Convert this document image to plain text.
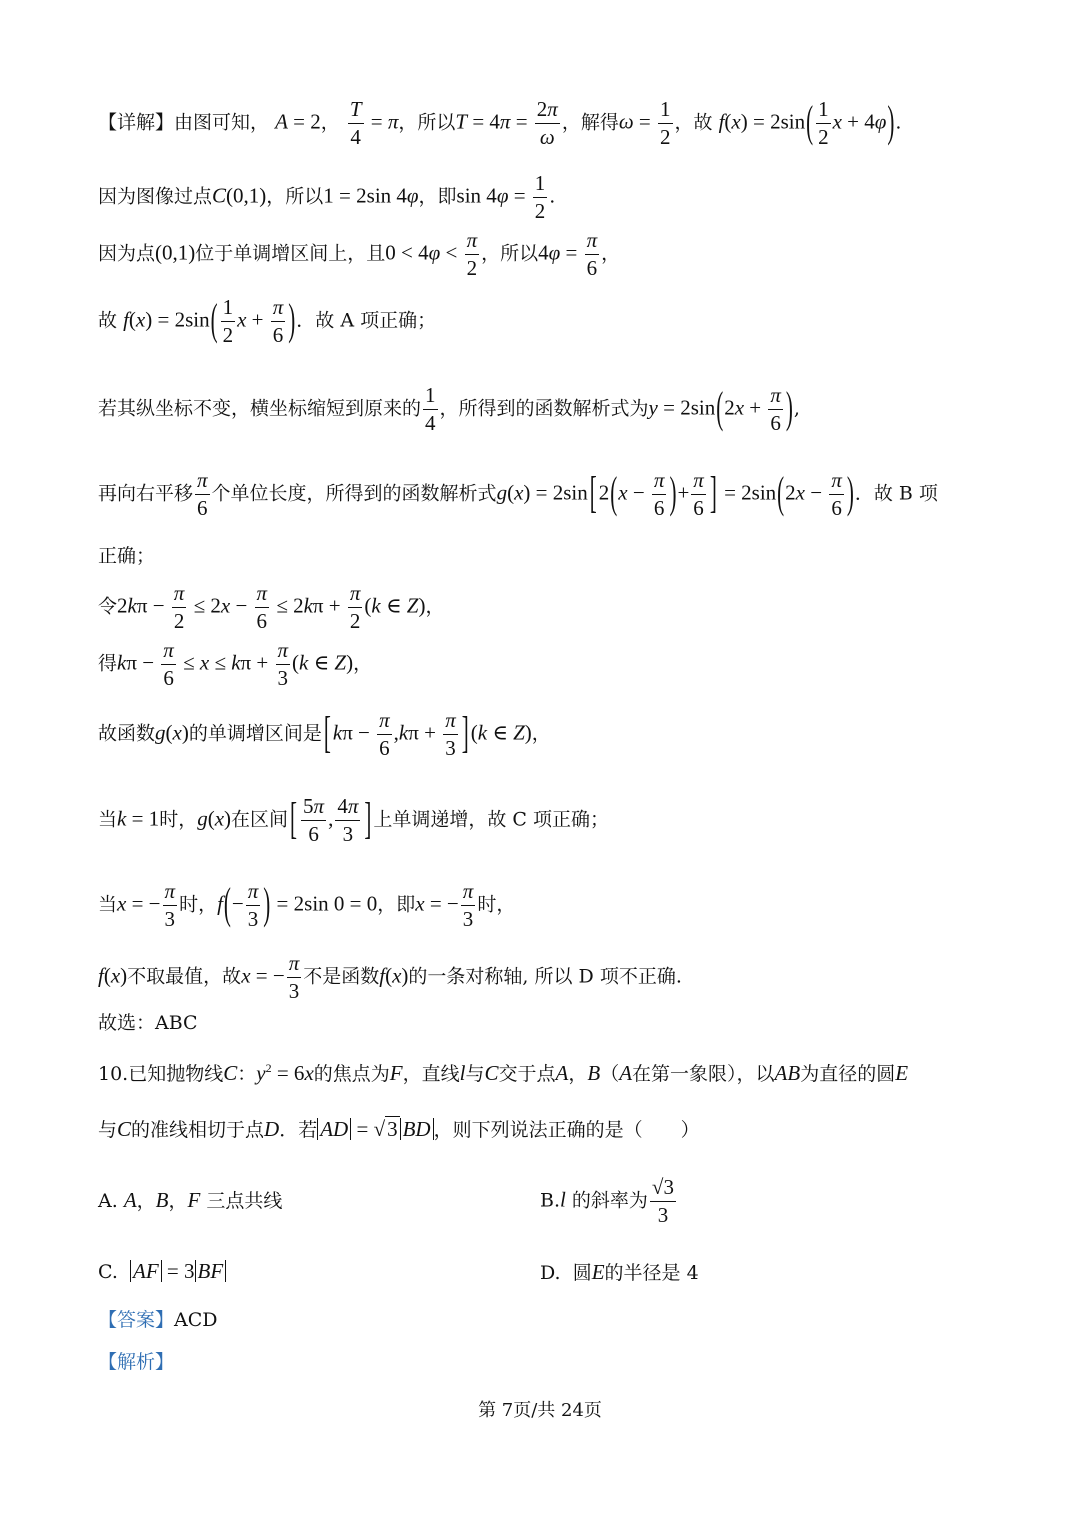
【详解】由图可知， A = 2， $\frac{T}{4} = \pi$，所以$T = 4\pi = \frac{2\pi}{\omega}$ ，解得$\omega = \frac{1}{2}$ ，故 $f(x) = 2\sin( \frac{1}{2}$ x + 4φ).
因为图像过点C(0,1)，所以1 = 2sin 4φ，即$\sin 4\varphi = \frac{1}{2}$ .
因为点(0,1)位于单调增区间上，且$0 < 4\varphi < \frac{\pi}{2}$ ，所以$4\varphi = \frac{\pi}{6}$ ，
故 $f(x) = 2\sin( \frac{1}{2}$ $x + \frac{\pi}{6}$ )．故 A 项正确；
若其纵坐标不变，横坐标缩短到原来的 $\frac{1}{4}$ ，所得到的函数解析式为$y = 2\sin(2x + \frac{\pi}{6}$ ),
再向右平移 $\frac{\pi}{6}$ 个单位长度，所得到的函数解析式$g(x) = 2\sin[2(x - \frac{\pi}{6}$ )+ $\frac{\pi}{6}$ ] = $2\sin(2x - \frac{\pi}{6}$ )．故 B 项
正确；
令$2k\pi - \frac{\pi}{2} \le 2x - \frac{\pi}{6} \le 2k\pi + \frac{\pi}{2} (k$ ∈ Z)，
得$k\pi - \frac{\pi}{6} \le x \le k\pi + \frac{\pi}{3} (k$ ∈ Z)，
故函数g(x)的单调增区间是$[k\pi - \frac{\pi}{6} ,k\pi + \frac{\pi}{3} ](k$ ∈ Z)，
当k = 1时，g(x)在区间[ $\frac{5\pi}{6}$ , $\frac{4\pi}{3}$ ] 上单调递增，故 C 项正确；
当x = − $\frac{\pi}{3}$ 时，$f(- \frac{\pi}{3}$ ) = 2sin 0 = 0，即x = − $\frac{\pi}{3}$ 时，
f(x)不取最值，故x = − $\frac{\pi}{3}$ 不是函数f(x)的一条对称轴, 所以 D 项不正确.
故选：ABC
10.已知抛物线C：$y^2 = 6x$的焦点为F，直线l与C交于点A，B（A在第一象限），以AB为直径的圆E
与C的准线相切于点D．若 AD = √3 BD ，则下列说法正确的是（　　）
A. A，B，F 三点共线	B.l 的斜率为 $\frac{√3}{3}$
C. AF = 3 BF	D. 圆E的半径是 4
【答案】ACD
【解析】
第 7页/共 24页
